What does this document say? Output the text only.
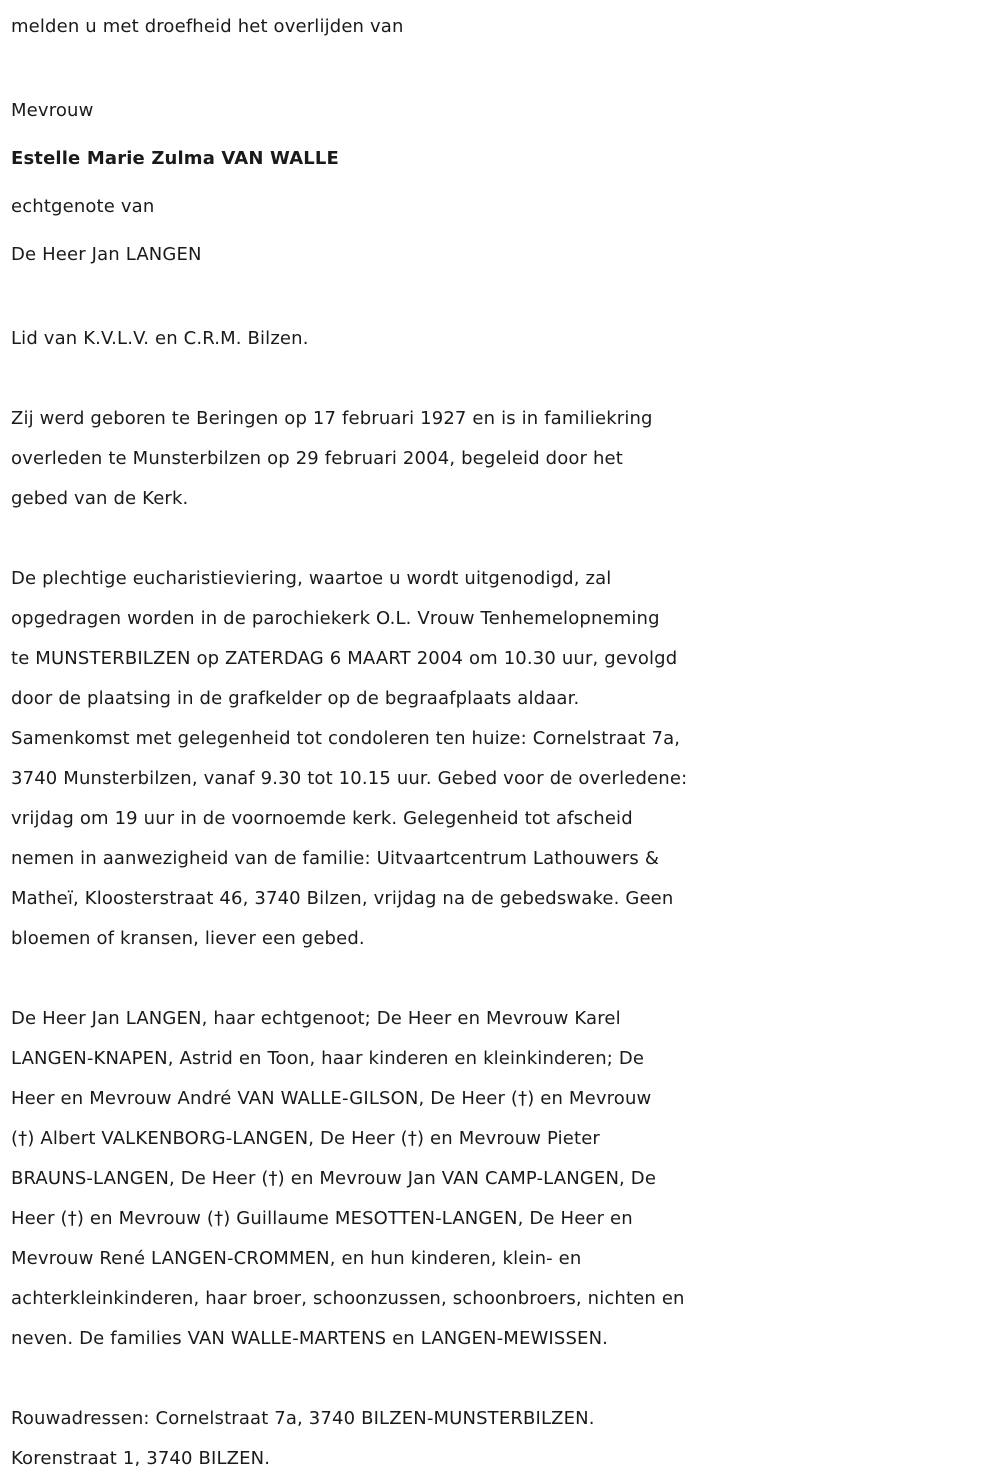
melden u met droefheid het overlijden van
Mevrouw
Estelle Marie Zulma VAN WALLE
echtgenote van
De Heer Jan LANGEN
Lid van K.V.L.V. en C.R.M. Bilzen.
Zij werd geboren te Beringen op 17 februari 1927 en is in familiekring
overleden te Munsterbilzen op 29 februari 2004, begeleid door het
gebed van de Kerk.
De plechtige eucharistieviering, waartoe u wordt uitgenodigd, zal
opgedragen worden in de parochiekerk O.L. Vrouw Tenhemelopneming
te MUNSTERBILZEN op ZATERDAG 6 MAART 2004 om 10.30 uur, gevolgd
door de plaatsing in de grafkelder op de begraafplaats aldaar.
Samenkomst met gelegenheid tot condoleren ten huize: Cornelstraat 7a,
3740 Munsterbilzen, vanaf 9.30 tot 10.15 uur. Gebed voor de overledene:
vrijdag om 19 uur in de voornoemde kerk. Gelegenheid tot afscheid
nemen in aanwezigheid van de familie: Uitvaartcentrum Lathouwers &
Matheï, Kloosterstraat 46, 3740 Bilzen, vrijdag na de gebedswake. Geen
bloemen of kransen, liever een gebed.
De Heer Jan LANGEN, haar echtgenoot; De Heer en Mevrouw Karel
LANGEN-KNAPEN, Astrid en Toon, haar kinderen en kleinkinderen; De
Heer en Mevrouw André VAN WALLE-GILSON, De Heer (†) en Mevrouw
(†) Albert VALKENBORG-LANGEN, De Heer (†) en Mevrouw Pieter
BRAUNS-LANGEN, De Heer (†) en Mevrouw Jan VAN CAMP-LANGEN, De
Heer (†) en Mevrouw (†) Guillaume MESOTTEN-LANGEN, De Heer en
Mevrouw René LANGEN-CROMMEN, en hun kinderen, klein- en
achterkleinkinderen, haar broer, schoonzussen, schoonbroers, nichten en
neven. De families VAN WALLE-MARTENS en LANGEN-MEWISSEN.
Rouwadressen: Cornelstraat 7a, 3740 BILZEN-MUNSTERBILZEN.
Korenstraat 1, 3740 BILZEN.
